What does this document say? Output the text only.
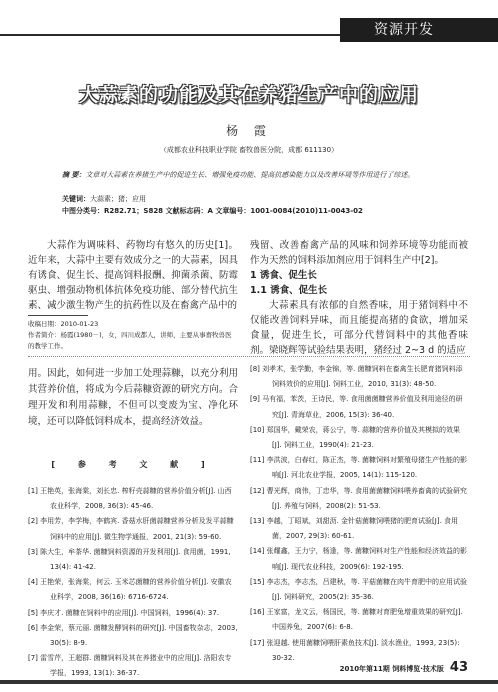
资源开发
大蒜素的功能及其在养猪生产中的应用
杨 霞
（成都农业科技职业学院 畜牧兽医分院，成都 611130）
摘 要：文章对大蒜素在养猪生产中的促进生长、增强免疫功能、提高抗感染能力以及改善环境等作用进行了综述。
关键词：大蒜素；猪；应用
中图分类号：R282.71；S828 文献标志码：A 文章编号：1001-0084(2010)11-0043-02

大蒜作为调味料、药物均有悠久的历史[1]。近年来，大蒜中主要有效成分之一的大蒜素，因具有诱食、促生长、提高饲料报酬、抑菌杀菌、防霉驱虫、增强动物机体抗体免疫功能、部分替代抗生素、减少激生物产生的抗药性以及在畜禽产品中的

收稿日期：2010-01-23
作者简介：杨霞(1980－)，女，四川成都人，讲师，主要从事畜牧兽医的教学工作。

残留、改善畜禽产品的风味和饲养环境等功能而被作为天然的饲料添加剂应用于饲料生产中[2]。

1 诱食、促生长
1.1 诱食、促生长

大蒜素具有浓郁的自然香味，用于猪饲料中不仅能改善饲料异味，而且能提高猪的食欲，增加采食量，促进生长，可部分代替饲料中的其他香味剂。梁晓辉等试验结果表明，猪经过 2~3 d 的适应

用。因此，如何进一步加工处理蒜糠，以充分利用其营养价值，将成为今后蒜糠资源的研究方向。合理开发和利用蒜糠，不但可以变废为宝、净化环境，还可以降低饲料成本，提高经济效益。

[ 参 考 文 献 ]
[1] 王艳英，张海棠，刘长忠. 榨籽壳蒜糠的营养价值分析[J]. 山西农业科学，2008, 36(3): 45-46.
[2] 李用芳，李学梅，李鹤宾. 香菇水肝菌蒜糠营养分析及发平蒜糠饲料中的应用[J]. 微生物学通报，2001, 21(3): 59-60.
[3] 陈大生，牟茶华. 菌糠饲料资源的开发利用[J]. 食用菌，1991, 13(4): 41-42.
[4] 王艳荣，张海棠，何云. 玉米芯菌糠的营养价值分析[J]. 安徽农业科学，2008, 36(16): 6716-6724.
[5] 李庆才. 菌糠在饲料中的应用[J]. 中国饲料，1996(4): 37.
[6] 李金荣，蔡元丽. 菌糠发酵饲料的研究[J]. 中国畜牧杂志，2003, 30(5): 8-9.
[7] 雷雪芹，王超群. 菌糠饲料及其在养猪业中的应用[J]. 洛阳农专学报，1993, 13(1): 36-37.
[8] 刘孝术，张学勤，李金锦，等. 菌糠饲料在畜禽生长肥育猪饲料添饲料效价的应用[J]. 饲料工业，2010, 31(3): 48-50.
[9] 马有福，苯茨，王诗民，等. 食用菌菌糠营养价值及利用途径的研究[J]. 青海草业，2006, 15(3): 36-40.
[10] 郑国华，戴荣农，蒋公宁，等. 蒜糠的营养价值及其模拟的效果[J]. 饲料工业，1990(4): 21-23.
[11] 李洪波，白春红，陈正杰，等. 菌糠饲料对繁殖母猪生产性能的影响[J]. 河北农业学报，2005, 14(1): 115-120.
[12] 曹光辉，商伟，丁忠华，等. 食用菌菌糠饲料喂养畜禽的试验研究[J]. 养殖与饲料，2008(2): 51-53.
[13] 李越，丁昭斌，刘甜沥. 金针菇菌糠饲喂猪的肥育试验[J]. 食用菌，2007, 29(3): 60-61.
[14] 张耀鑫，王力宁，杨逢，等. 菌糠饲料对生产性能和经济效益的影响[J]. 现代农业科技，2009(6): 192-195.
[15] 李志杰，李志杰，吕建秋，等. 平菇菌糠在肉牛育肥中的应用试验[J]. 饲料研究，2005(2): 35-36.
[16] 王家富，龙文云，杨国民，等. 菌糠对育肥兔增重效果的研究[J]. 中国养兔，2007(6): 6-8.
[17] 张迎越. 使用菌糠饲喂肝素鱼技术[J]. 淡水渔业，1993, 23(5): 30-32.
2010年第11期 饲料博览·技术版 43
